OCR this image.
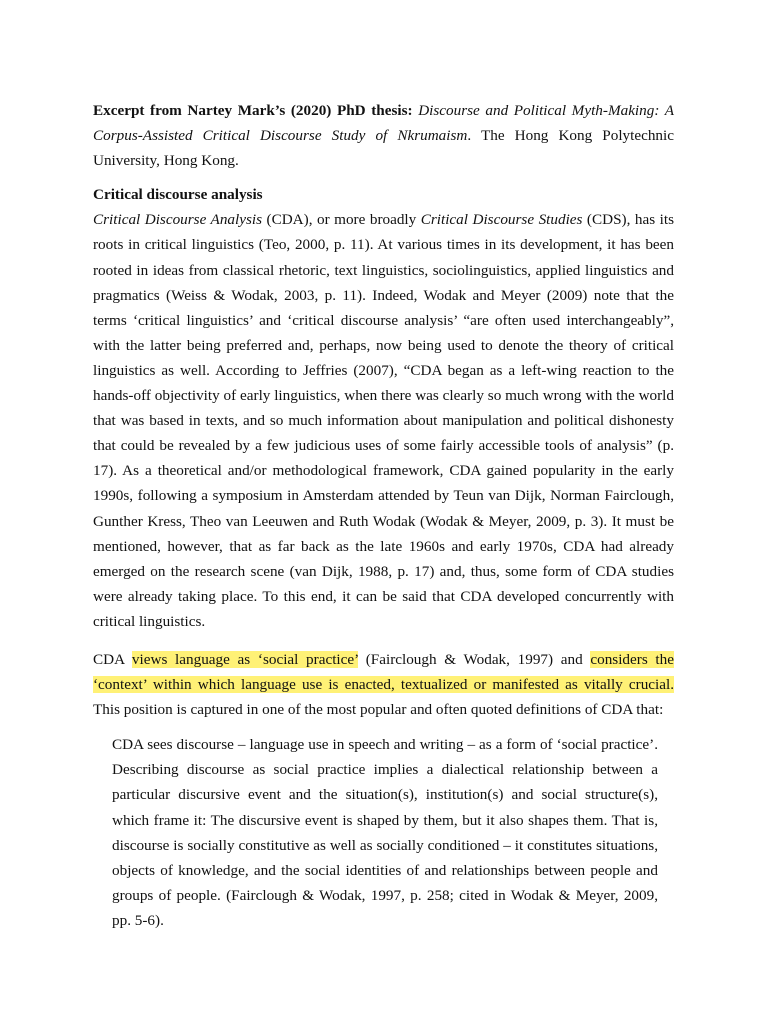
Excerpt from Nartey Mark’s (2020) PhD thesis: Discourse and Political Myth-Making: A Corpus-Assisted Critical Discourse Study of Nkrumaism. The Hong Kong Polytechnic University, Hong Kong.

Critical discourse analysis
Critical Discourse Analysis (CDA), or more broadly Critical Discourse Studies (CDS), has its roots in critical linguistics (Teo, 2000, p. 11). At various times in its development, it has been rooted in ideas from classical rhetoric, text linguistics, sociolinguistics, applied linguistics and pragmatics (Weiss & Wodak, 2003, p. 11). Indeed, Wodak and Meyer (2009) note that the terms ‘critical linguistics’ and ‘critical discourse analysis’ “are often used interchangeably”, with the latter being preferred and, perhaps, now being used to denote the theory of critical linguistics as well. According to Jeffries (2007), “CDA began as a left-wing reaction to the hands-off objectivity of early linguistics, when there was clearly so much wrong with the world that was based in texts, and so much information about manipulation and political dishonesty that could be revealed by a few judicious uses of some fairly accessible tools of analysis” (p. 17). As a theoretical and/or methodological framework, CDA gained popularity in the early 1990s, following a symposium in Amsterdam attended by Teun van Dijk, Norman Fairclough, Gunther Kress, Theo van Leeuwen and Ruth Wodak (Wodak & Meyer, 2009, p. 3). It must be mentioned, however, that as far back as the late 1960s and early 1970s, CDA had already emerged on the research scene (van Dijk, 1988, p. 17) and, thus, some form of CDA studies were already taking place. To this end, it can be said that CDA developed concurrently with critical linguistics.

CDA views language as ‘social practice’ (Fairclough & Wodak, 1997) and considers the ‘context’ within which language use is enacted, textualized or manifested as vitally crucial. This position is captured in one of the most popular and often quoted definitions of CDA that:

CDA sees discourse – language use in speech and writing – as a form of ‘social practice’. Describing discourse as social practice implies a dialectical relationship between a particular discursive event and the situation(s), institution(s) and social structure(s), which frame it: The discursive event is shaped by them, but it also shapes them. That is, discourse is socially constitutive as well as socially conditioned – it constitutes situations, objects of knowledge, and the social identities of and relationships between people and groups of people. (Fairclough & Wodak, 1997, p. 258; cited in Wodak & Meyer, 2009, pp. 5-6).
